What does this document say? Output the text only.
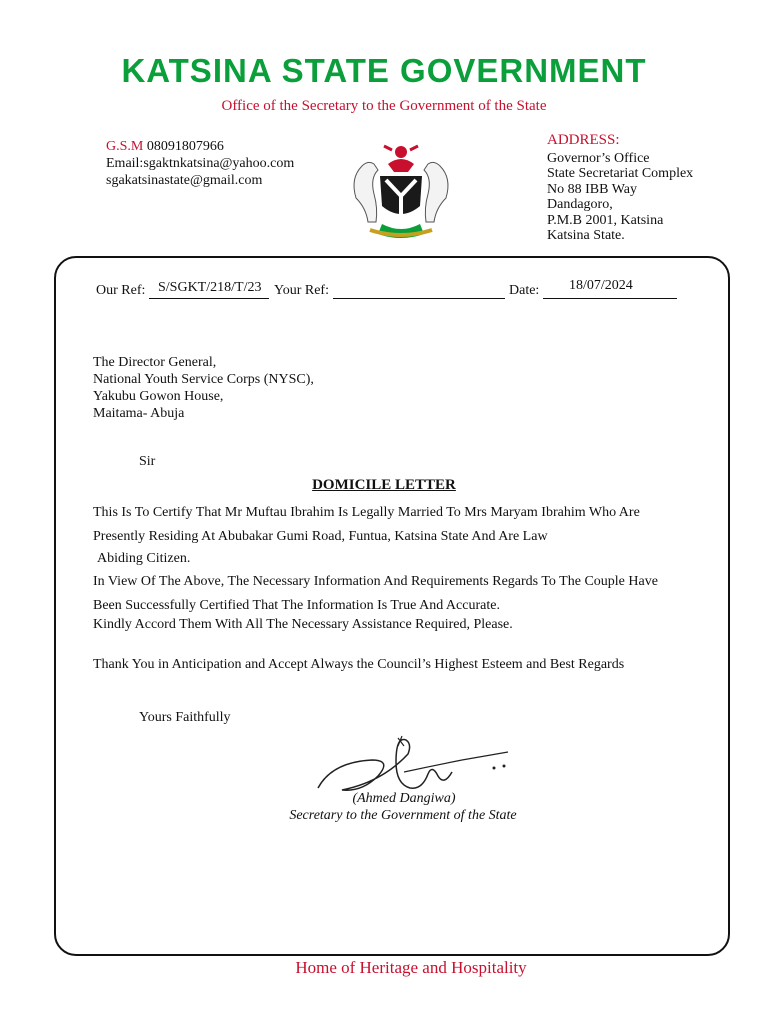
KATSINA STATE GOVERNMENT
Office of the Secretary to the Government of the State
G.S.M 08091807966
Email:sgaktnkatsina@yahoo.com
sgakatsinastate@gmail.com
ADDRESS:
Governor’s Office
State Secretariat Complex
No 88 IBB Way
Dandagoro,
P.M.B 2001, Katsina
Katsina State.
Our Ref: S/SGKT/218/T/23 Your Ref:	Date: 18/07/2024
The Director General,
National Youth Service Corps (NYSC),
Yakubu Gowon House,
Maitama- Abuja
Sir
DOMICILE LETTER
This Is To Certify That Mr Muftau Ibrahim Is Legally Married To Mrs Maryam Ibrahim Who Are
Presently Residing At Abubakar Gumi Road, Funtua, Katsina State And Are Law
Abiding Citizen.
In View Of The Above, The Necessary Information And Requirements Regards To The Couple Have
Been Successfully Certified That The Information Is True And Accurate.
Kindly Accord Them With All The Necessary Assistance Required, Please.
Thank You in Anticipation and Accept Always the Council’s Highest Esteem and Best Regards
Yours Faithfully
(Ahmed Dangiwa)
Secretary to the Government of the State
Home of Heritage and Hospitality
